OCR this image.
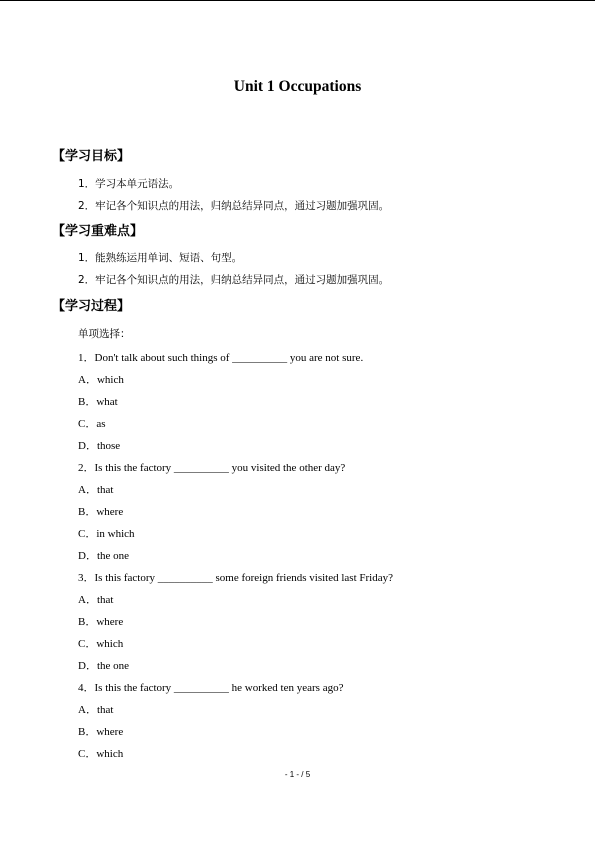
Unit 1 Occupations
【学习目标】
1．学习本单元语法。
2．牢记各个知识点的用法，归纳总结异同点，通过习题加强巩固。
【学习重难点】
1．能熟练运用单词、短语、句型。
2．牢记各个知识点的用法，归纳总结异同点，通过习题加强巩固。
【学习过程】
单项选择：
1．Don't talk about such things of __________ you are not sure.
A．which
B．what
C．as
D．those
2．Is this the factory __________ you visited the other day?
A．that
B．where
C．in which
D．the one
3．Is this factory __________ some foreign friends visited last Friday?
A．that
B．where
C．which
D．the one
4．Is this the factory __________ he worked ten years ago?
A．that
B．where
C．which
- 1 - / 5
